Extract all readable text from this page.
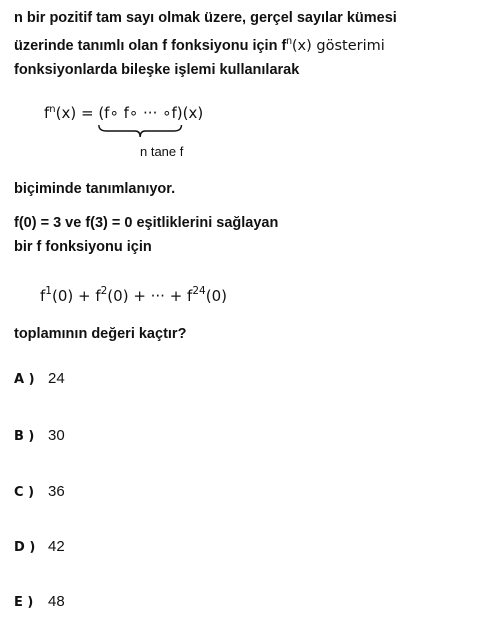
n bir pozitif tam sayı olmak üzere, gerçel sayılar kümesi
üzerinde tanımlı olan f fonksiyonu için $f^n(x)$ gösterimi
fonksiyonlarda bileşke işlemi kullanılarak
$f^n(x)$ = (f∘ f∘ ··· ∘f)
(x)
n tane f
biçiminde tanımlanıyor.
f(0) = 3 ve f(3) = 0 eşitliklerini sağlayan
bir f fonksiyonu için
$f^1(0) + f^2(0)$ + ··· + $f^{24}(0)$
toplamının değeri kaçtır?
A ) 24
B ) 30
C ) 36
D ) 42
E ) 48
